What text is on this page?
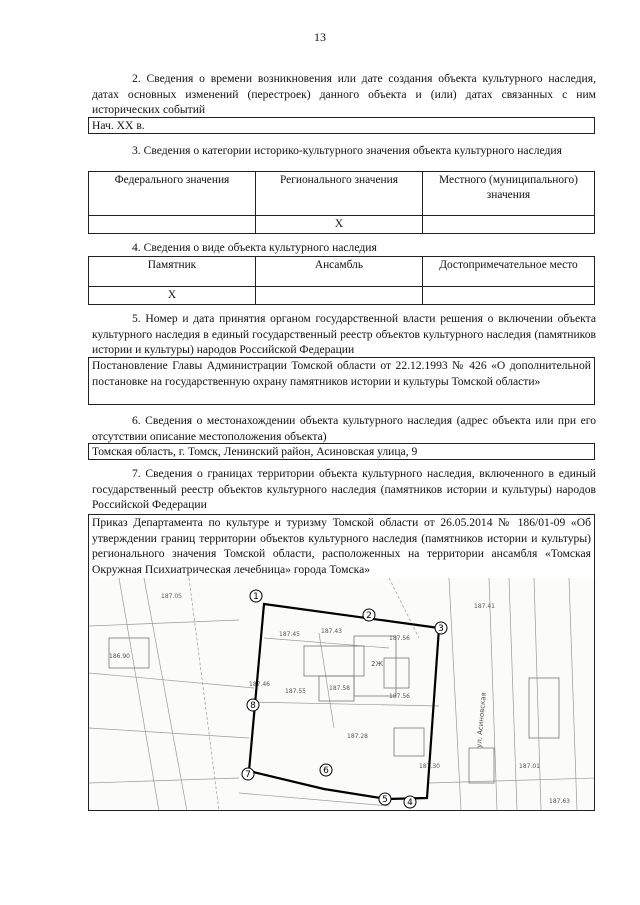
13
2. Сведения о времени возникновения или дате создания объекта культурного наследия, датах основных изменений (перестроек) данного объекта и (или) датах связанных с ним исторических событий
Нач. XX в.
3. Сведения о категории историко-культурного значения объекта культурного наследия
Федерального значения	Регионального значения	Местного (муниципального) значения
	Х	
4. Сведения о виде объекта культурного наследия
Памятник	Ансамбль	Достопримечательное место
Х		
5. Номер и дата принятия органом государственной власти решения о включении объекта культурного наследия в единый государственный реестр объектов культурного наследия (памятников истории и культуры) народов Российской Федерации
Постановление Главы Администрации Томской области от 22.12.1993 № 426 «О дополнительной постановке на государственную охрану памятников истории и культуры Томской области»
6. Сведения о местонахождении объекта культурного наследия (адрес объекта или при его отсутствии описание местоположения объекта)
Томская область, г. Томск, Ленинский район, Асиновская улица, 9
7. Сведения о границах территории объекта культурного наследия, включенного в единый государственный реестр объектов культурного наследия (памятников истории и культуры) народов Российской Федерации
Приказ Департамента по культуре и туризму Томской области от 26.05.2014 № 186/01-09 «Об утверждении границ территории объектов культурного наследия (памятников истории и культуры) регионального значения Томской области, расположенных на территории ансамбля «Томская Окружная Психиатрическая лечебница» города Томска»
187.45	187.43
187.56
187.55	187.58
187.56
187.46
187.30
187.28
186.90
187.63
187.41
187.01
187.05
2Ж
ул. Асиновская
1
2
3
4
5
6
7
8
